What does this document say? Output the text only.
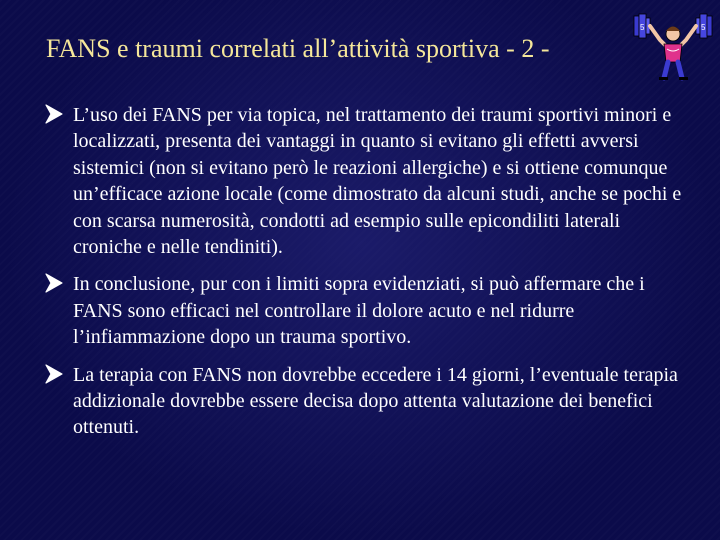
FANS e traumi correlati all’attività sportiva - 2 -
5	5
L’uso dei FANS per via topica, nel trattamento dei traumi sportivi minori e localizzati, presenta dei vantaggi in quanto si evitano gli effetti avversi sistemici (non si evitano però le reazioni allergiche) e si ottiene comunque un’efficace azione locale (come dimostrato da alcuni studi, anche se pochi e con scarsa numerosità, condotti ad esempio sulle epicondiliti laterali croniche e nelle tendiniti).
In conclusione, pur con i limiti sopra evidenziati, si può affermare che i FANS sono efficaci nel controllare il dolore acuto e nel ridurre l’infiammazione dopo un trauma sportivo.
La terapia con FANS non dovrebbe eccedere i 14 giorni, l’eventuale terapia addizionale dovrebbe essere decisa dopo attenta valutazione dei benefici ottenuti.
